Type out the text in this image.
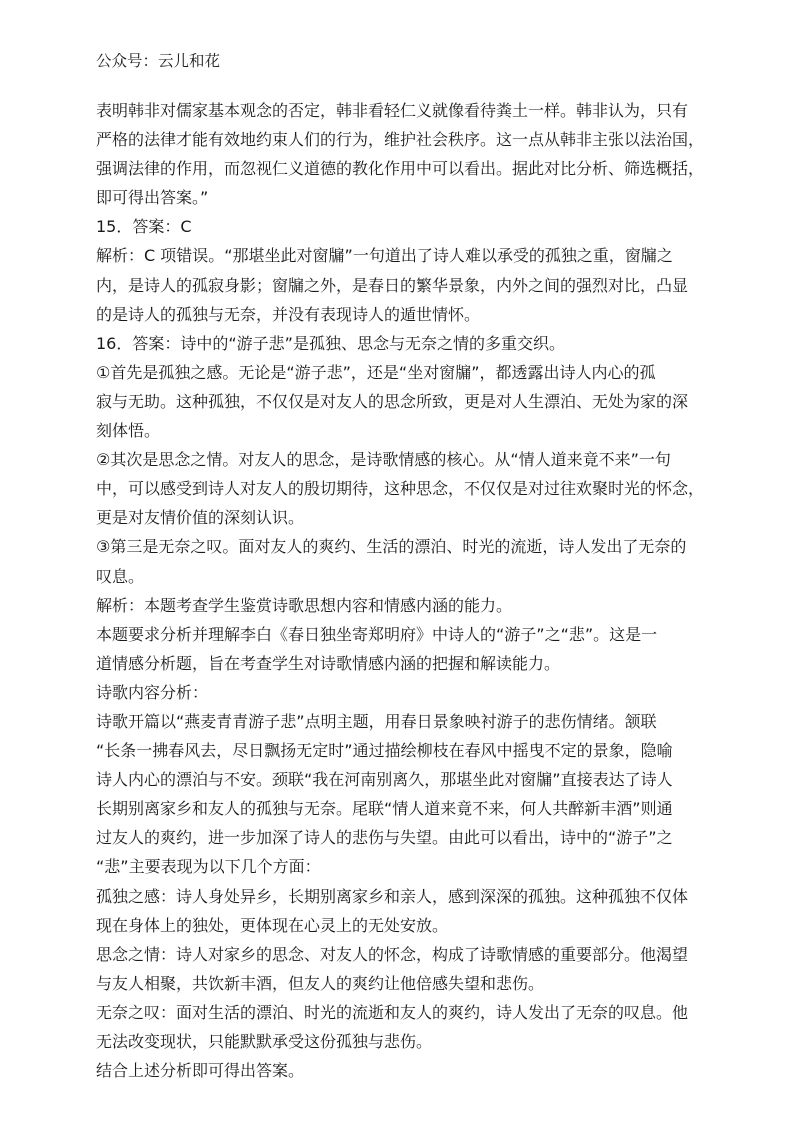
公众号：云儿和花
表明韩非对儒家基本观念的否定，韩非看轻仁义就像看待粪土一样。韩非认为，只有
严格的法律才能有效地约束人们的行为，维护社会秩序。这一点从韩非主张以法治国，
强调法律的作用，而忽视仁义道德的教化作用中可以看出。据此对比分析、筛选概括，
即可得出答案。”
15．答案：C
解析：C 项错误。“那堪坐此对窗牖”一句道出了诗人难以承受的孤独之重，窗牖之
内，是诗人的孤寂身影；窗牖之外，是春日的繁华景象，内外之间的强烈对比，凸显
的是诗人的孤独与无奈，并没有表现诗人的遁世情怀。
16．答案：诗中的“游子悲”是孤独、思念与无奈之情的多重交织。
①首先是孤独之感。无论是“游子悲”，还是“坐对窗牖”，都透露出诗人内心的孤
寂与无助。这种孤独，不仅仅是对友人的思念所致，更是对人生漂泊、无处为家的深
刻体悟。
②其次是思念之情。对友人的思念，是诗歌情感的核心。从“情人道来竟不来”一句
中，可以感受到诗人对友人的殷切期待，这种思念，不仅仅是对过往欢聚时光的怀念，
更是对友情价值的深刻认识。
③第三是无奈之叹。面对友人的爽约、生活的漂泊、时光的流逝，诗人发出了无奈的
叹息。
解析：本题考查学生鉴赏诗歌思想内容和情感内涵的能力。
本题要求分析并理解李白《春日独坐寄郑明府》中诗人的“游子”之“悲”。这是一
道情感分析题，旨在考查学生对诗歌情感内涵的把握和解读能力。
诗歌内容分析：
诗歌开篇以“燕麦青青游子悲”点明主题，用春日景象映衬游子的悲伤情绪。颔联
“长条一拂春风去，尽日飘扬无定时”通过描绘柳枝在春风中摇曳不定的景象，隐喻
诗人内心的漂泊与不安。颈联“我在河南别离久，那堪坐此对窗牖”直接表达了诗人
长期别离家乡和友人的孤独与无奈。尾联“情人道来竟不来，何人共醉新丰酒”则通
过友人的爽约，进一步加深了诗人的悲伤与失望。由此可以看出，诗中的“游子”之
“悲”主要表现为以下几个方面：
孤独之感：诗人身处异乡，长期别离家乡和亲人，感到深深的孤独。这种孤独不仅体
现在身体上的独处，更体现在心灵上的无处安放。
思念之情：诗人对家乡的思念、对友人的怀念，构成了诗歌情感的重要部分。他渴望
与友人相聚，共饮新丰酒，但友人的爽约让他倍感失望和悲伤。
无奈之叹：面对生活的漂泊、时光的流逝和友人的爽约，诗人发出了无奈的叹息。他
无法改变现状，只能默默承受这份孤独与悲伤。
结合上述分析即可得出答案。
